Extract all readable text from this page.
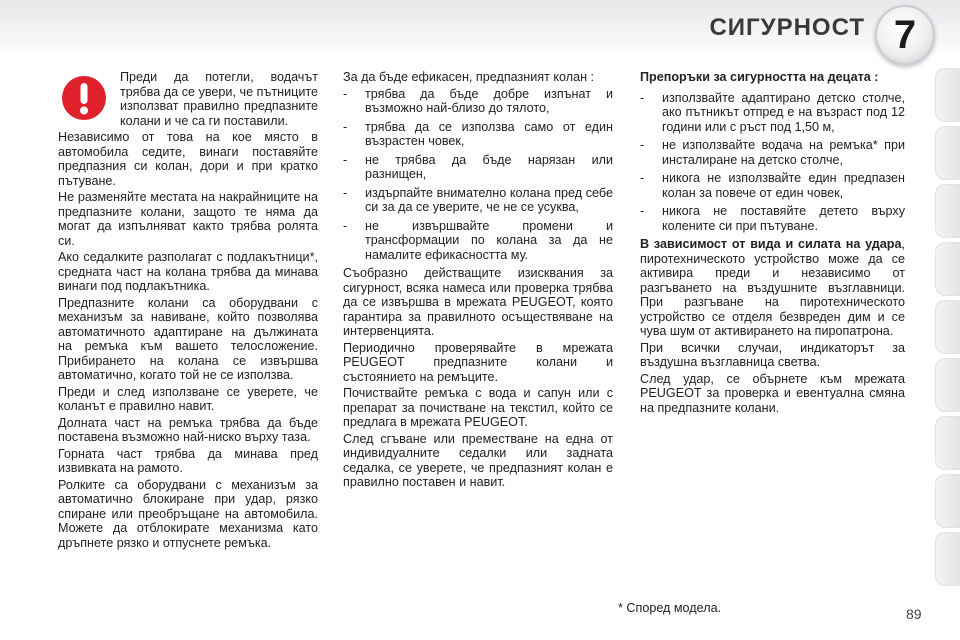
СИГУРНОСТ 7

Преди да потегли, водачът трябва да се увери, че пътниците използват правилно предпазните колани и че са ги поставили.

Независимо от това на кое място в автомобила седите, винаги поставяйте предпазния си колан, дори и при кратко пътуване.

Не разменяйте местата на накрайниците на предпазните колани, защото те няма да могат да изпълняват както трябва ролята си.

Ако седалките разполагат с подлакътници*, средната част на колана трябва да минава винаги под подлакътника.

Предпазните колани са оборудвани с механизъм за навиване, който позволява автоматичното адаптиране на дължината на ремъка към вашето телосложение. Прибирането на колана се извършва автоматично, когато той не се използва.

Преди и след използване се уверете, че коланът е правилно навит.

Долната част на ремъка трябва да бъде поставена възможно най-ниско върху таза.

Горната част трябва да минава пред извивката на рамото.

Ролките са оборудвани с механизъм за автоматично блокиране при удар, рязко спиране или преобръщане на автомобила. Можете да отблокирате механизма като дръпнете рязко и отпуснете ремъка.

За да бъде ефикасен, предпазният колан :

- трябва да бъде добре изпънат и възможно най-близо до тялото,
- трябва да се използва само от един възрастен човек,
- не трябва да бъде нарязан или разнищен,
- издърпайте внимателно колана пред себе си за да се уверите, че не се усуква,
- не извършвайте промени и трансформации по колана за да не намалите ефикасността му.

Съобразно действащите изисквания за сигурност, всяка намеса или проверка трябва да се извършва в мрежата PEUGEOT, която гарантира за правилното осъществяване на интервенцията.

Периодично проверявайте в мрежата PEUGEOT предпазните колани и състоянието на ремъците.

Почиствайте ремъка с вода и сапун или с препарат за почистване на текстил, който се предлага в мрежата PEUGEOT.

След сгъване или преместване на една от индивидуалните седалки или задната седалка, се уверете, че предпазният колан е правилно поставен и навит.

Препоръки за сигурността на децата :

- използвайте адаптирано детско столче, ако пътникът отпред е на възраст под 12 години или с ръст под 1,50 м,
- не използвайте водача на ремъка* при инсталиране на детско столче,
- никога не използвайте един предпазен колан за повече от един човек,
- никога не поставяйте детето върху колените си при пътуване.

В зависимост от вида и силата на удара, пиротехническото устройство може да се активира преди и независимо от разгъването на въздушните възглавници. При разгъване на пиротехническото устройство се отделя безвреден дим и се чува шум от активирането на пиропатрона.

При всички случаи, индикаторът за въздушна възглавница светва.

След удар, се обърнете към мрежата PEUGEOT за проверка и евентуална смяна на предпазните колани.

* Според модела.	89
